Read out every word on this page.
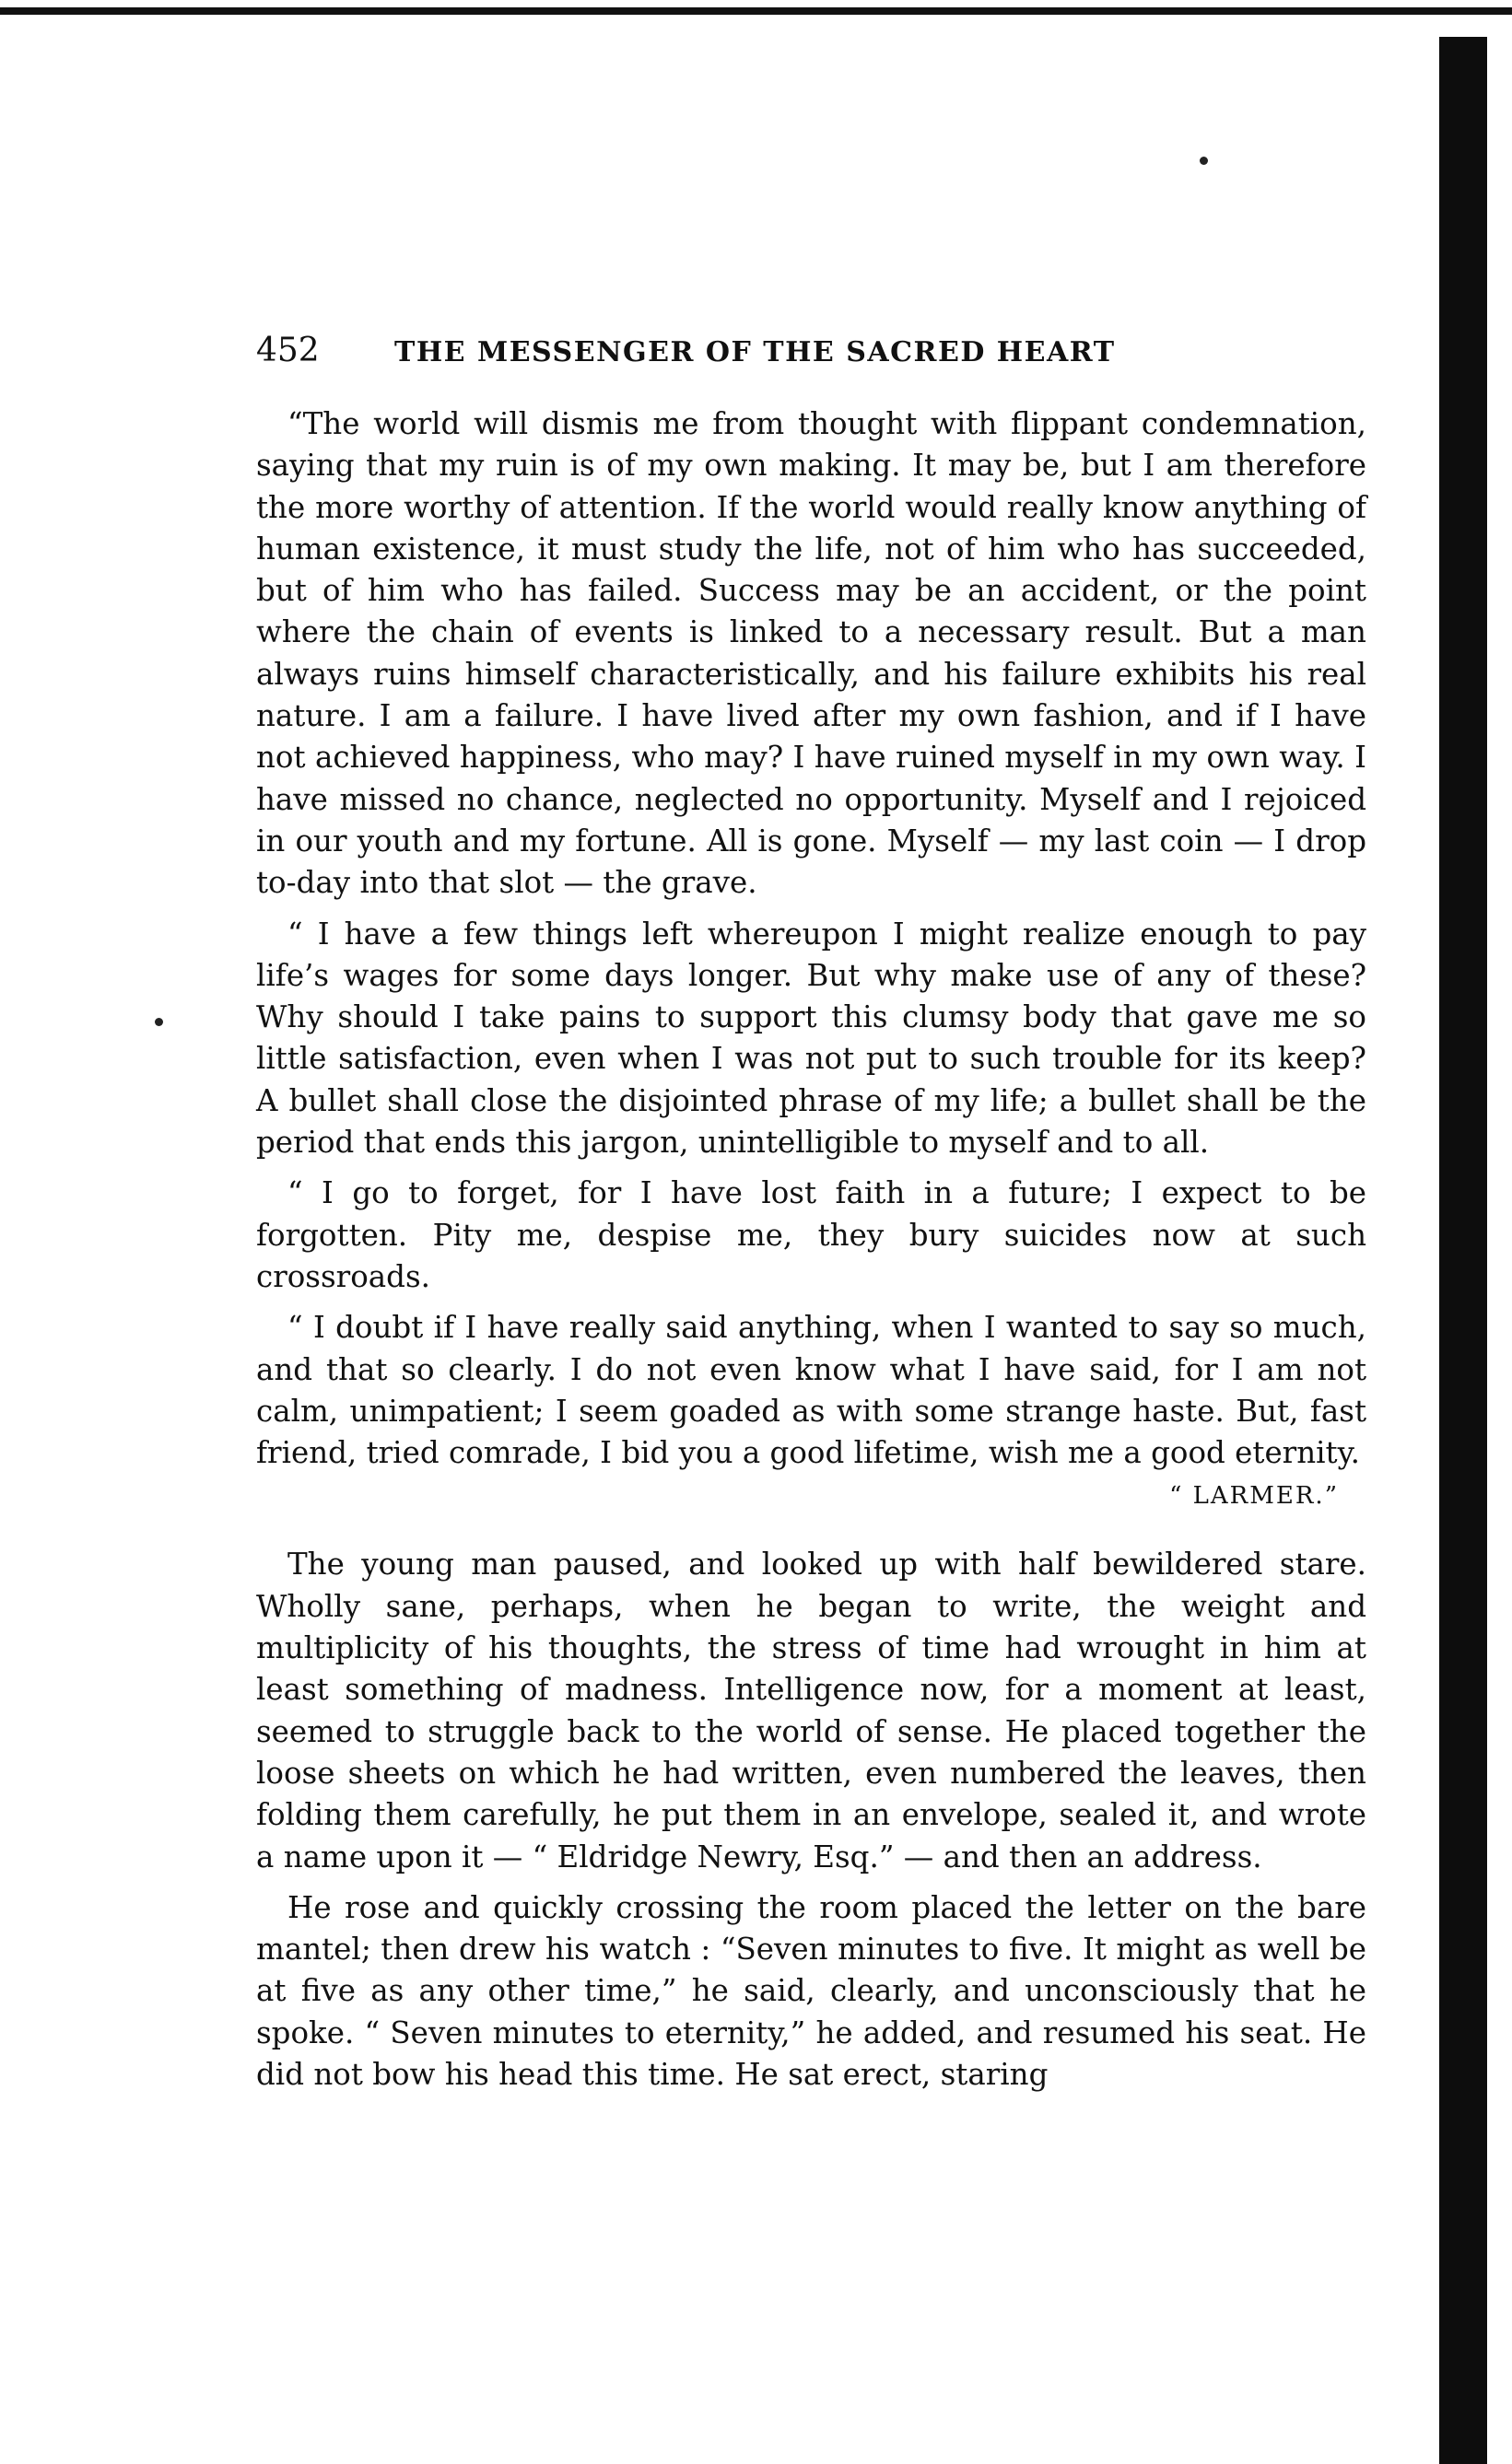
452	THE MESSENGER OF THE SACRED HEART

“The world will dismis me from thought with flippant condemnation, saying that my ruin is of my own making. It may be, but I am therefore the more worthy of attention. If the world would really know anything of human existence, it must study the life, not of him who has succeeded, but of him who has failed. Success may be an accident, or the point where the chain of events is linked to a necessary result. But a man always ruins himself characteristically, and his failure exhibits his real nature. I am a failure. I have lived after my own fashion, and if I have not achieved happiness, who may? I have ruined myself in my own way. I have missed no chance, neglected no opportunity. Myself and I rejoiced in our youth and my fortune. All is gone. Myself — my last coin — I drop to-day into that slot — the grave.

“ I have a few things left whereupon I might realize enough to pay life’s wages for some days longer. But why make use of any of these? Why should I take pains to support this clumsy body that gave me so little satisfaction, even when I was not put to such trouble for its keep? A bullet shall close the disjointed phrase of my life; a bullet shall be the period that ends this jargon, unintelligible to myself and to all.

“ I go to forget, for I have lost faith in a future; I expect to be forgotten. Pity me, despise me, they bury suicides now at such crossroads.

“ I doubt if I have really said anything, when I wanted to say so much, and that so clearly. I do not even know what I have said, for I am not calm, unimpatient; I seem goaded as with some strange haste. But, fast friend, tried comrade, I bid you a good lifetime, wish me a good eternity.

“ LARMER.”

The young man paused, and looked up with half bewildered stare. Wholly sane, perhaps, when he began to write, the weight and multiplicity of his thoughts, the stress of time had wrought in him at least something of madness. Intelligence now, for a moment at least, seemed to struggle back to the world of sense. He placed together the loose sheets on which he had written, even numbered the leaves, then folding them carefully, he put them in an envelope, sealed it, and wrote a name upon it — “ Eldridge Newry, Esq.” — and then an address.

He rose and quickly crossing the room placed the letter on the bare mantel; then drew his watch : “Seven minutes to five. It might as well be at five as any other time,” he said, clearly, and unconsciously that he spoke. “ Seven minutes to eternity,” he added, and resumed his seat. He did not bow his head this time. He sat erect, staring
